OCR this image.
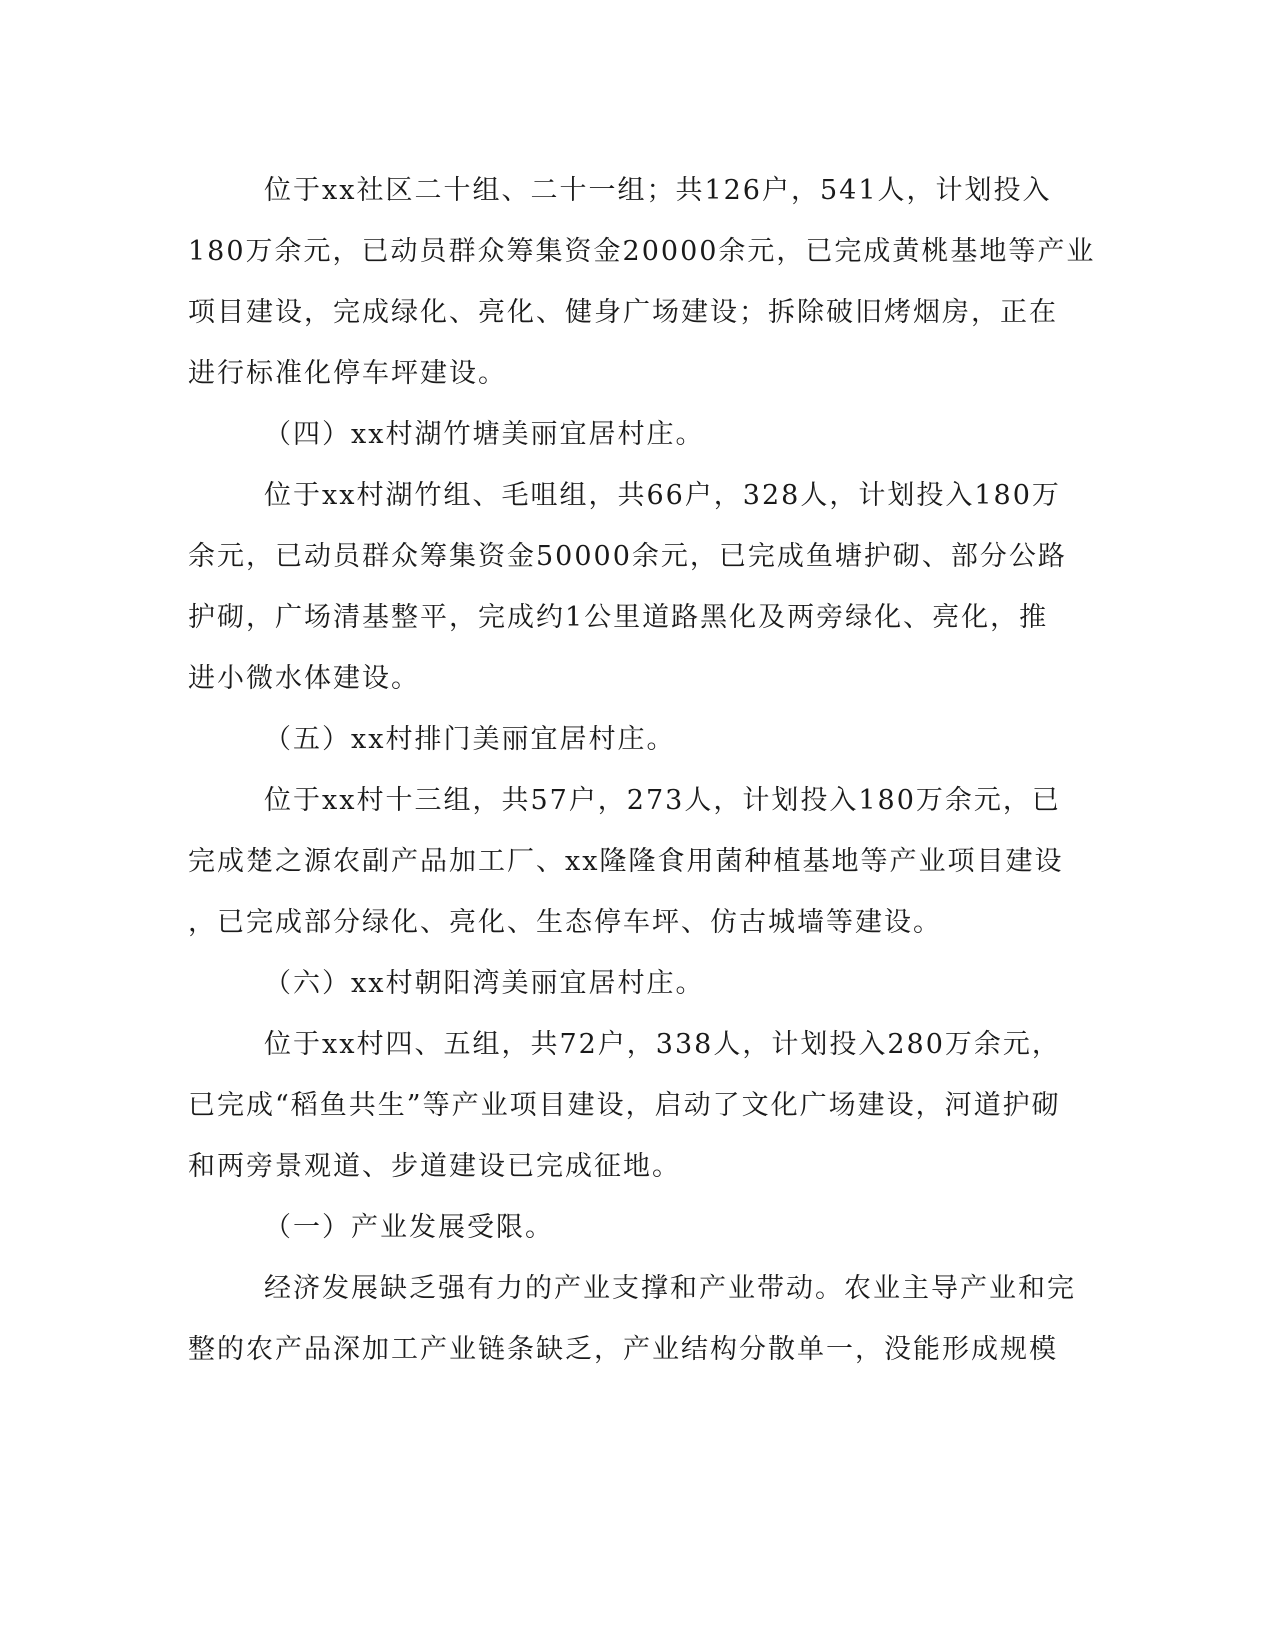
位于xx社区二十组、二十一组；共126户，541人，计划投入
180万余元，已动员群众筹集资金20000余元，已完成黄桃基地等产业
项目建设，完成绿化、亮化、健身广场建设；拆除破旧烤烟房，正在
进行标准化停车坪建设。
（四）xx村湖竹塘美丽宜居村庄。
位于xx村湖竹组、毛咀组，共66户，328人，计划投入180万
余元，已动员群众筹集资金50000余元，已完成鱼塘护砌、部分公路
护砌，广场清基整平，完成约1公里道路黑化及两旁绿化、亮化，推
进小微水体建设。
（五）xx村排门美丽宜居村庄。
位于xx村十三组，共57户，273人，计划投入180万余元，已
完成楚之源农副产品加工厂、xx隆隆食用菌种植基地等产业项目建设
，已完成部分绿化、亮化、生态停车坪、仿古城墙等建设。
（六）xx村朝阳湾美丽宜居村庄。
位于xx村四、五组，共72户，338人，计划投入280万余元，
已完成“稻鱼共生”等产业项目建设，启动了文化广场建设，河道护砌
和两旁景观道、步道建设已完成征地。
（一）产业发展受限。
经济发展缺乏强有力的产业支撑和产业带动。农业主导产业和完
整的农产品深加工产业链条缺乏，产业结构分散单一，没能形成规模
